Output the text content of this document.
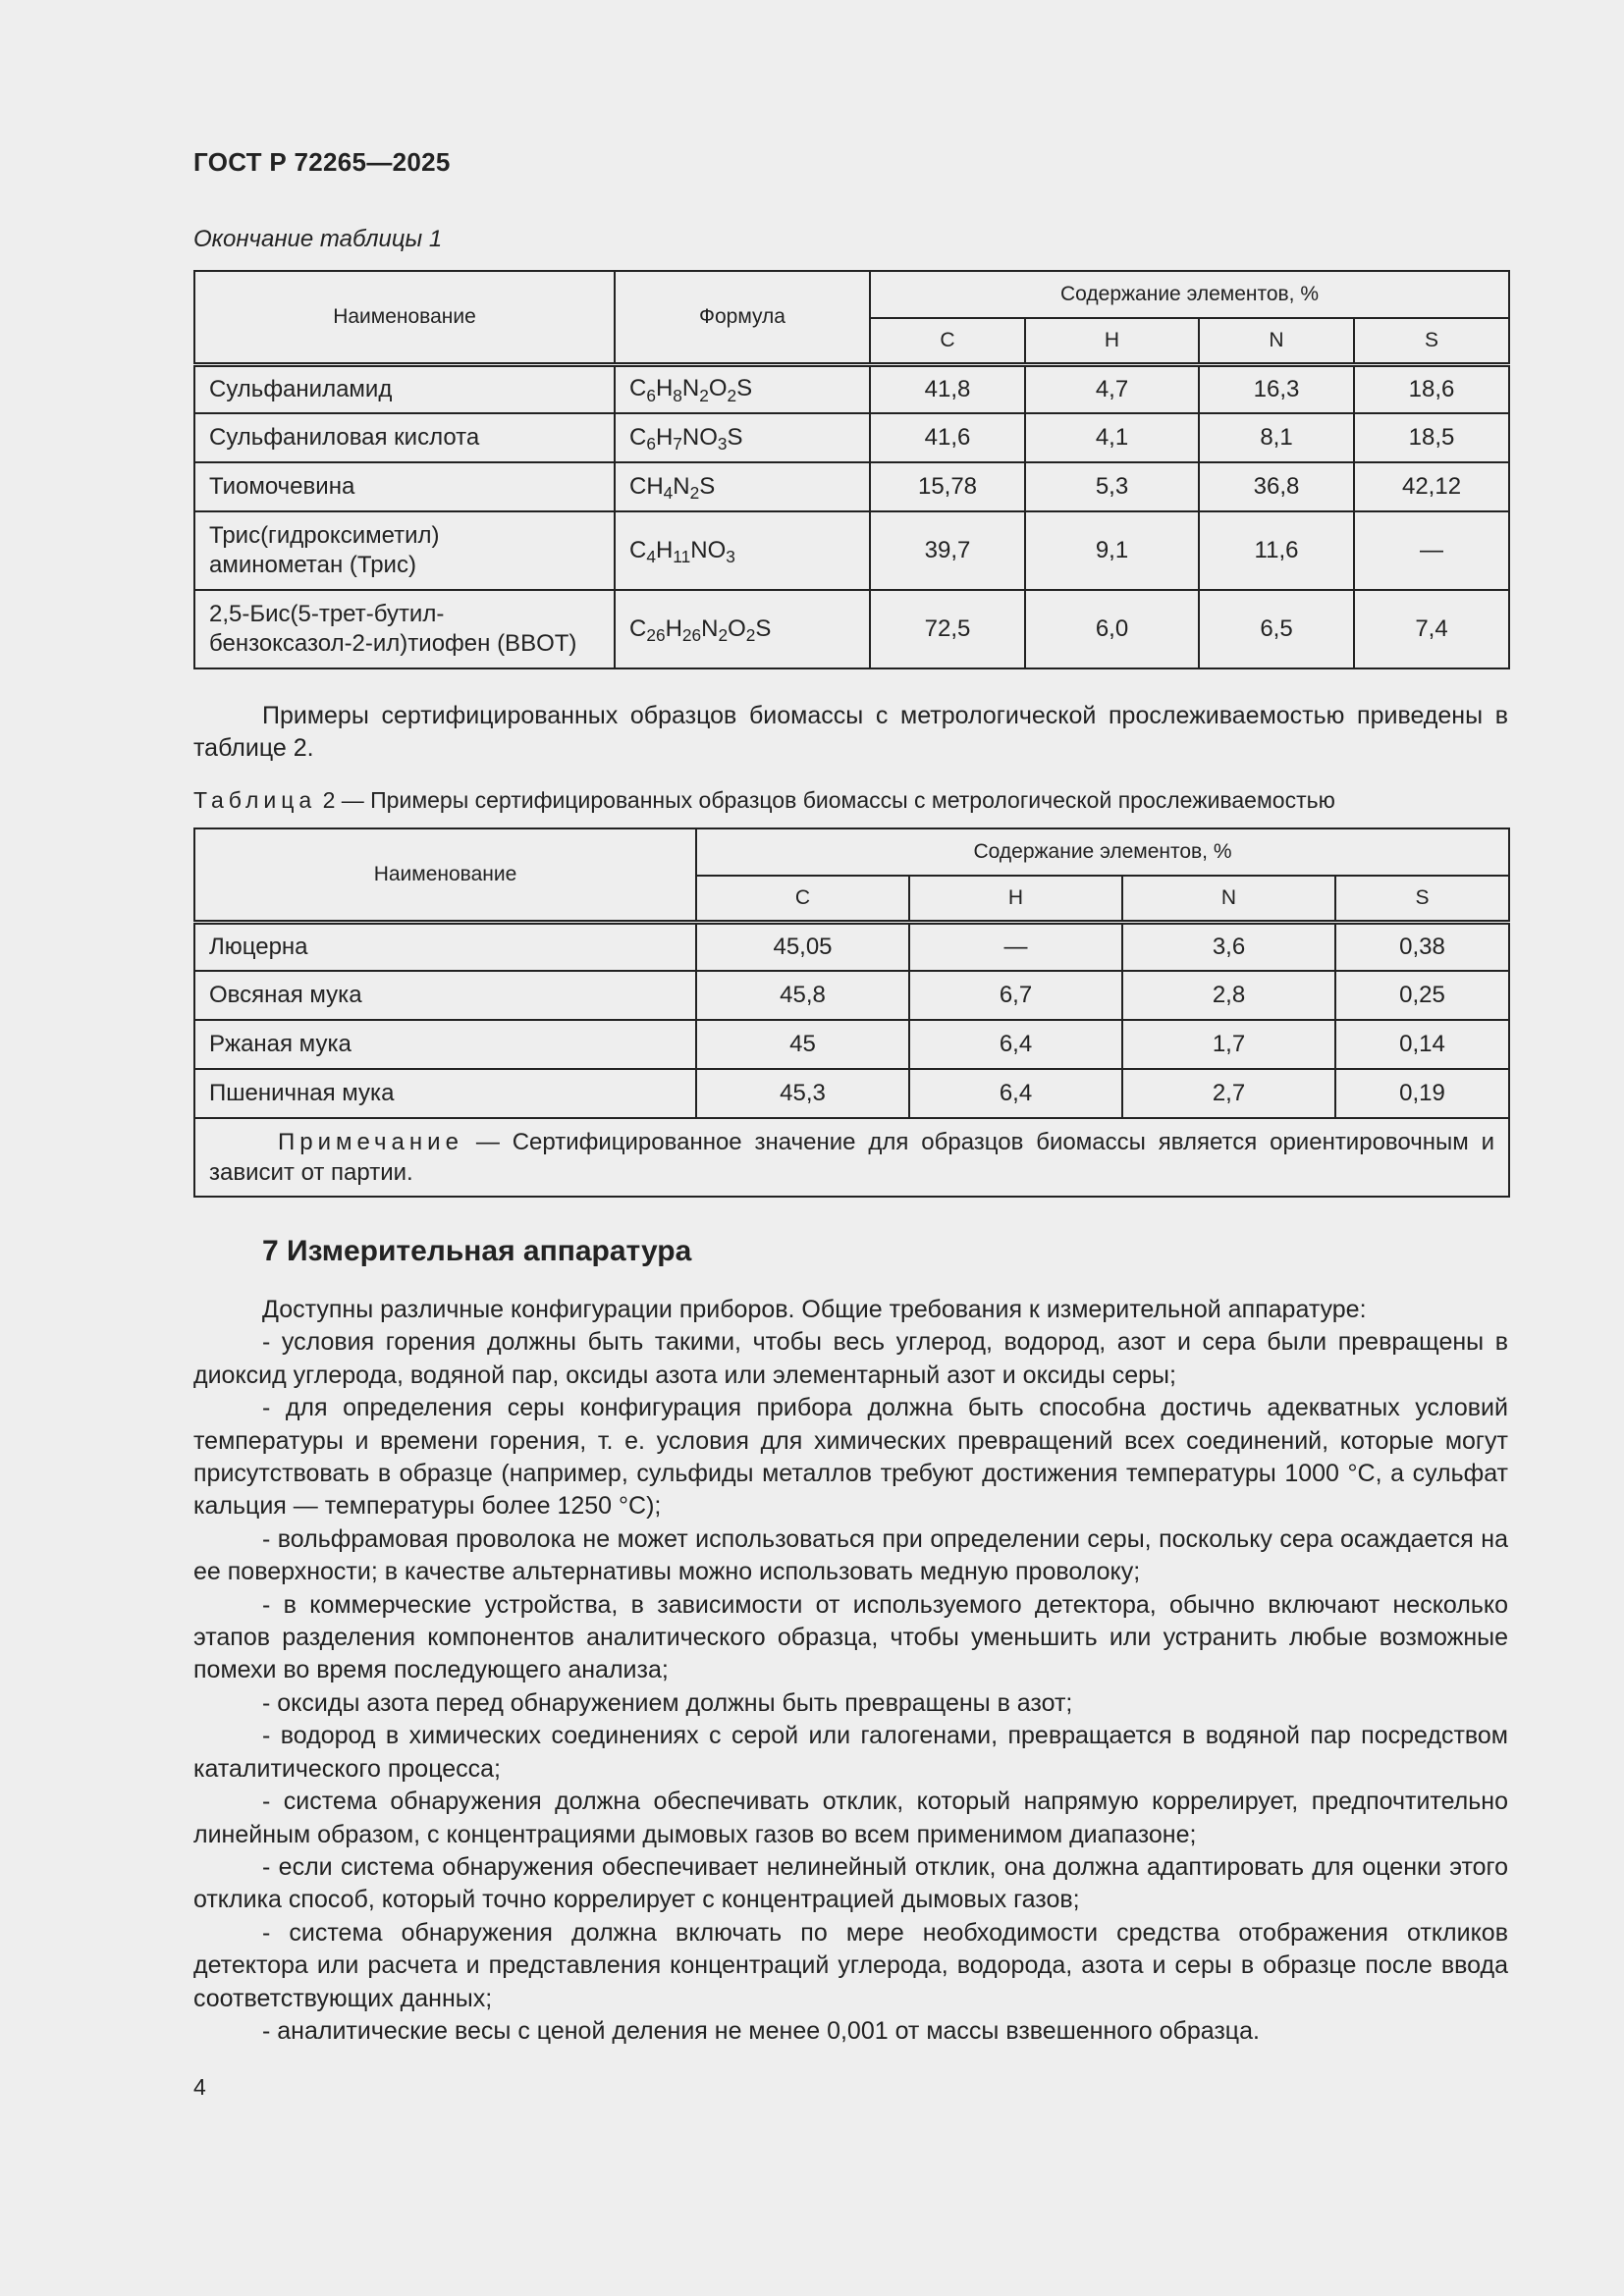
ГОСТ Р 72265—2025
Окончание таблицы 1
Наименование	Формула	Содержание элементов, %			
		C	H	N	S
Сульфаниламид	$C_6H_8N_2O_2S$	41,8	4,7	16,3	18,6
Сульфаниловая кислота	$C_6H_7NO_3S$	41,6	4,1	8,1	18,5
Тиомочевина	$CH_4N_2S$	15,78	5,3	36,8	42,12
Трис(гидроксиметил)
аминометан (Трис)	$C_4H_{11}NO_3$	39,7	9,1	11,6	—
2,5-Бис(5-трет-бутил-
бензоксазол-2-ил)тиофен (BBOT)	$C_{26}H_{26}N_2O_2S$	72,5	6,0	6,5	7,4

Примеры сертифицированных образцов биомассы с метрологической прослеживаемостью приведены в таблице 2.

Таблица 2 — Примеры сертифицированных образцов биомассы с метрологической прослеживаемостью
Наименование	Содержание элементов, %			
	C	H	N	S
Люцерна	45,05	—	3,6	0,38
Овсяная мука	45,8	6,7	2,8	0,25
Ржаная мука	45	6,4	1,7	0,14
Пшеничная мука	45,3	6,4	2,7	0,19
Примечание — Сертифицированное значение для образцов биомассы является ориентировочным и зависит от партии.				
7 Измерительная аппаратура

Доступны различные конфигурации приборов. Общие требования к измерительной аппаратуре:

- условия горения должны быть такими, чтобы весь углерод, водород, азот и сера были превращены в диоксид углерода, водяной пар, оксиды азота или элементарный азот и оксиды серы;

- для определения серы конфигурация прибора должна быть способна достичь адекватных условий температуры и времени горения, т. е. условия для химических превращений всех соединений, которые могут присутствовать в образце (например, сульфиды металлов требуют достижения температуры 1000 °C, а сульфат кальция — температуры более 1250 °C);

- вольфрамовая проволока не может использоваться при определении серы, поскольку сера осаждается на ее поверхности; в качестве альтернативы можно использовать медную проволоку;

- в коммерческие устройства, в зависимости от используемого детектора, обычно включают несколько этапов разделения компонентов аналитического образца, чтобы уменьшить или устранить любые возможные помехи во время последующего анализа;

- оксиды азота перед обнаружением должны быть превращены в азот;

- водород в химических соединениях с серой или галогенами, превращается в водяной пар посредством каталитического процесса;

- система обнаружения должна обеспечивать отклик, который напрямую коррелирует, предпочтительно линейным образом, с концентрациями дымовых газов во всем применимом диапазоне;

- если система обнаружения обеспечивает нелинейный отклик, она должна адаптировать для оценки этого отклика способ, который точно коррелирует с концентрацией дымовых газов;

- система обнаружения должна включать по мере необходимости средства отображения откликов детектора или расчета и представления концентраций углерода, водорода, азота и серы в образце после ввода соответствующих данных;

- аналитические весы с ценой деления не менее 0,001 от массы взвешенного образца.

4
